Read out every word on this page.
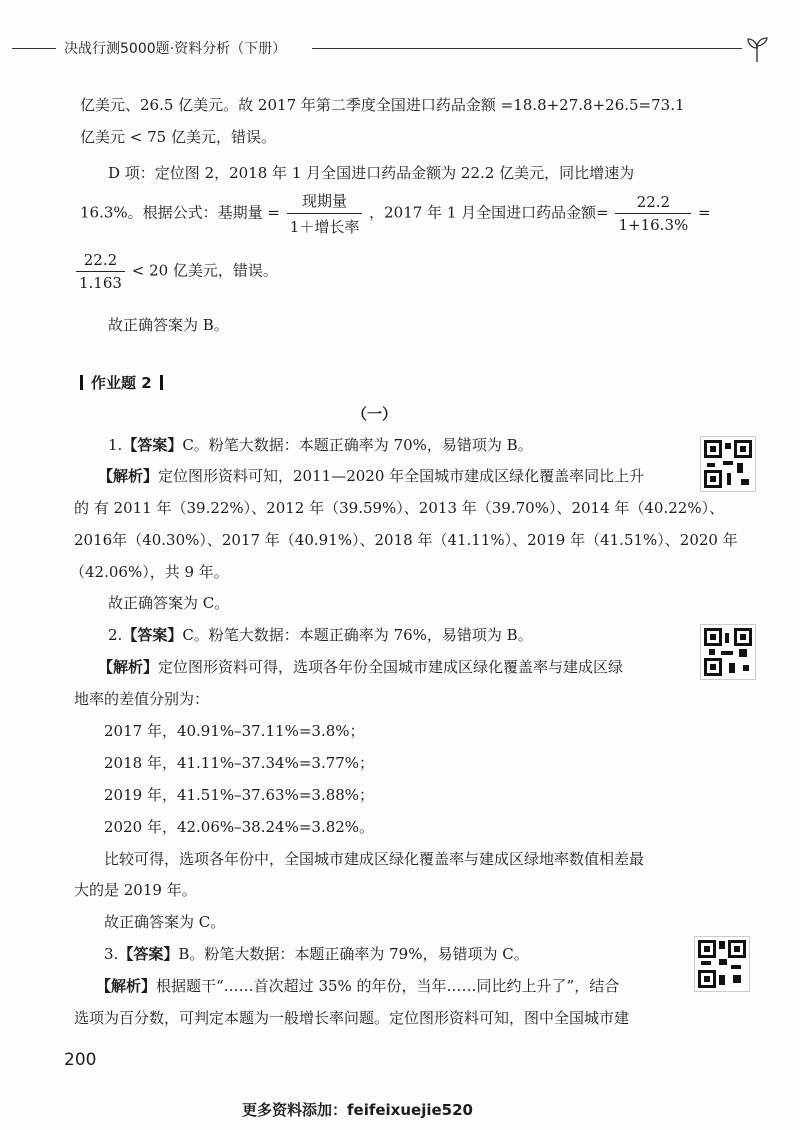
决战行测5000题·资料分析（下册）
亿美元、26.5 亿美元。故 2017 年第二季度全国进口药品金额 =18.8+27.8+26.5=73.1
亿美元 < 75 亿美元，错误。
D 项：定位图 2，2018 年 1 月全国进口药品金额为 22.2 亿美元，同比增速为
16.3%。根据公式：基期量 = $\frac{\text{现期量}}{\text{1＋增长率}}$ ，2017 年 1 月全国进口药品金额= $\frac{22.2}{1+16.3\%}$ =
$\frac{22.2}{1.163} < 20$ 亿美元，错误。
故正确答案为 B。
作业题 2
（一）
1.【答案】C。粉笔大数据：本题正确率为 70%，易错项为 B。
【解析】定位图形资料可知，2011—2020 年全国城市建成区绿化覆盖率同比上升
的 有 2011 年（39.22%）、2012 年（39.59%）、2013 年（39.70%）、2014 年（40.22%）、
2016年（40.30%）、2017 年（40.91%）、2018 年（41.11%）、2019 年（41.51%）、2020 年
（42.06%），共 9 年。
故正确答案为 C。
2.【答案】C。粉笔大数据：本题正确率为 76%，易错项为 B。
【解析】定位图形资料可得，选项各年份全国城市建成区绿化覆盖率与建成区绿
地率的差值分别为：
2017 年，40.91%–37.11%=3.8%；
2018 年，41.11%–37.34%=3.77%；
2019 年，41.51%–37.63%=3.88%；
2020 年，42.06%–38.24%=3.82%。
比较可得，选项各年份中，全国城市建成区绿化覆盖率与建成区绿地率数值相差最
大的是 2019 年。
故正确答案为 C。
3.【答案】B。粉笔大数据：本题正确率为 79%，易错项为 C。
【解析】根据题干“……首次超过 35% 的年份，当年……同比约上升了”，结合
选项为百分数，可判定本题为一般增长率问题。定位图形资料可知，图中全国城市建
200
更多资料添加：feifeixuejie520
